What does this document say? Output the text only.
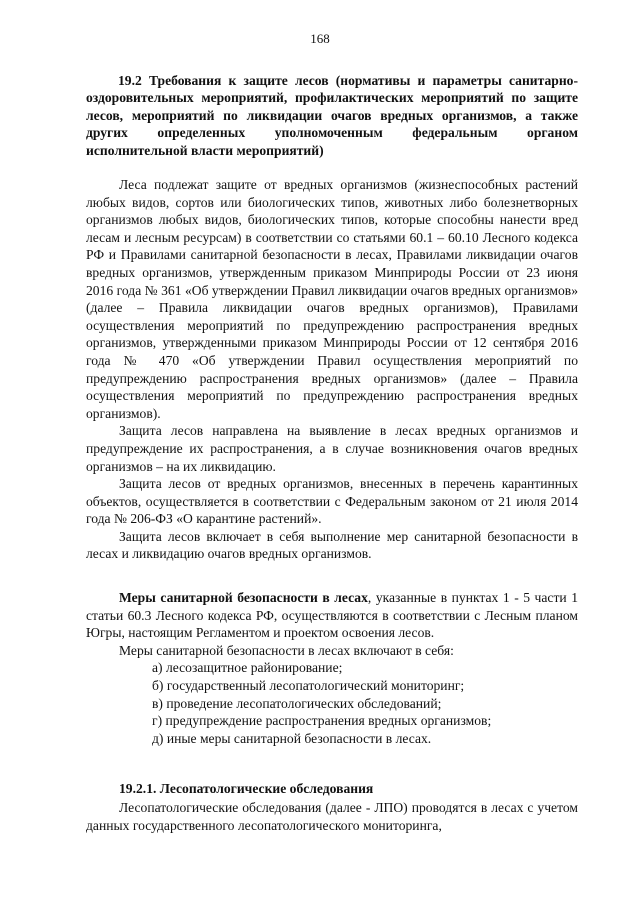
168
19.2 Требования к защите лесов (нормативы и параметры санитарно-оздоровительных мероприятий, профилактических мероприятий по защите лесов, мероприятий по ликвидации очагов вредных организмов, а также других определенных уполномоченным федеральным органом исполнительной власти мероприятий)

Леса подлежат защите от вредных организмов (жизнеспособных растений любых видов, сортов или биологических типов, животных либо болезнетворных организмов любых видов, биологических типов, которые способны нанести вред лесам и лесным ресурсам) в соответствии со статьями 60.1 – 60.10 Лесного кодекса РФ и Правилами санитарной безопасности в лесах, Правилами ликвидации очагов вредных организмов, утвержденным приказом Минприроды России от 23 июня 2016 года № 361 «Об утверждении Правил ликвидации очагов вредных организмов» (далее – Правила ликвидации очагов вредных организмов), Правилами осуществления мероприятий по предупреждению распространения вредных организмов, утвержденными приказом Минприроды России от 12 сентября 2016 года № 470 «Об утверждении Правил осуществления мероприятий по предупреждению распространения вредных организмов» (далее – Правила осуществления мероприятий по предупреждению распространения вредных организмов).

Защита лесов направлена на выявление в лесах вредных организмов и предупреждение их распространения, а в случае возникновения очагов вредных организмов – на их ликвидацию.

Защита лесов от вредных организмов, внесенных в перечень карантинных объектов, осуществляется в соответствии с Федеральным законом от 21 июля 2014 года № 206-ФЗ «О карантине растений».

Защита лесов включает в себя выполнение мер санитарной безопасности в лесах и ликвидацию очагов вредных организмов.

Меры санитарной безопасности в лесах, указанные в пунктах 1 - 5 части 1 статьи 60.3 Лесного кодекса РФ, осуществляются в соответствии с Лесным планом Югры, настоящим Регламентом и проектом освоения лесов.

Меры санитарной безопасности в лесах включают в себя:

а) лесозащитное районирование;

б) государственный лесопатологический мониторинг;

в) проведение лесопатологических обследований;

г) предупреждение распространения вредных организмов;

д) иные меры санитарной безопасности в лесах.

19.2.1. Лесопатологические обследования

Лесопатологические обследования (далее - ЛПО) проводятся в лесах с учетом данных государственного лесопатологического мониторинга,
